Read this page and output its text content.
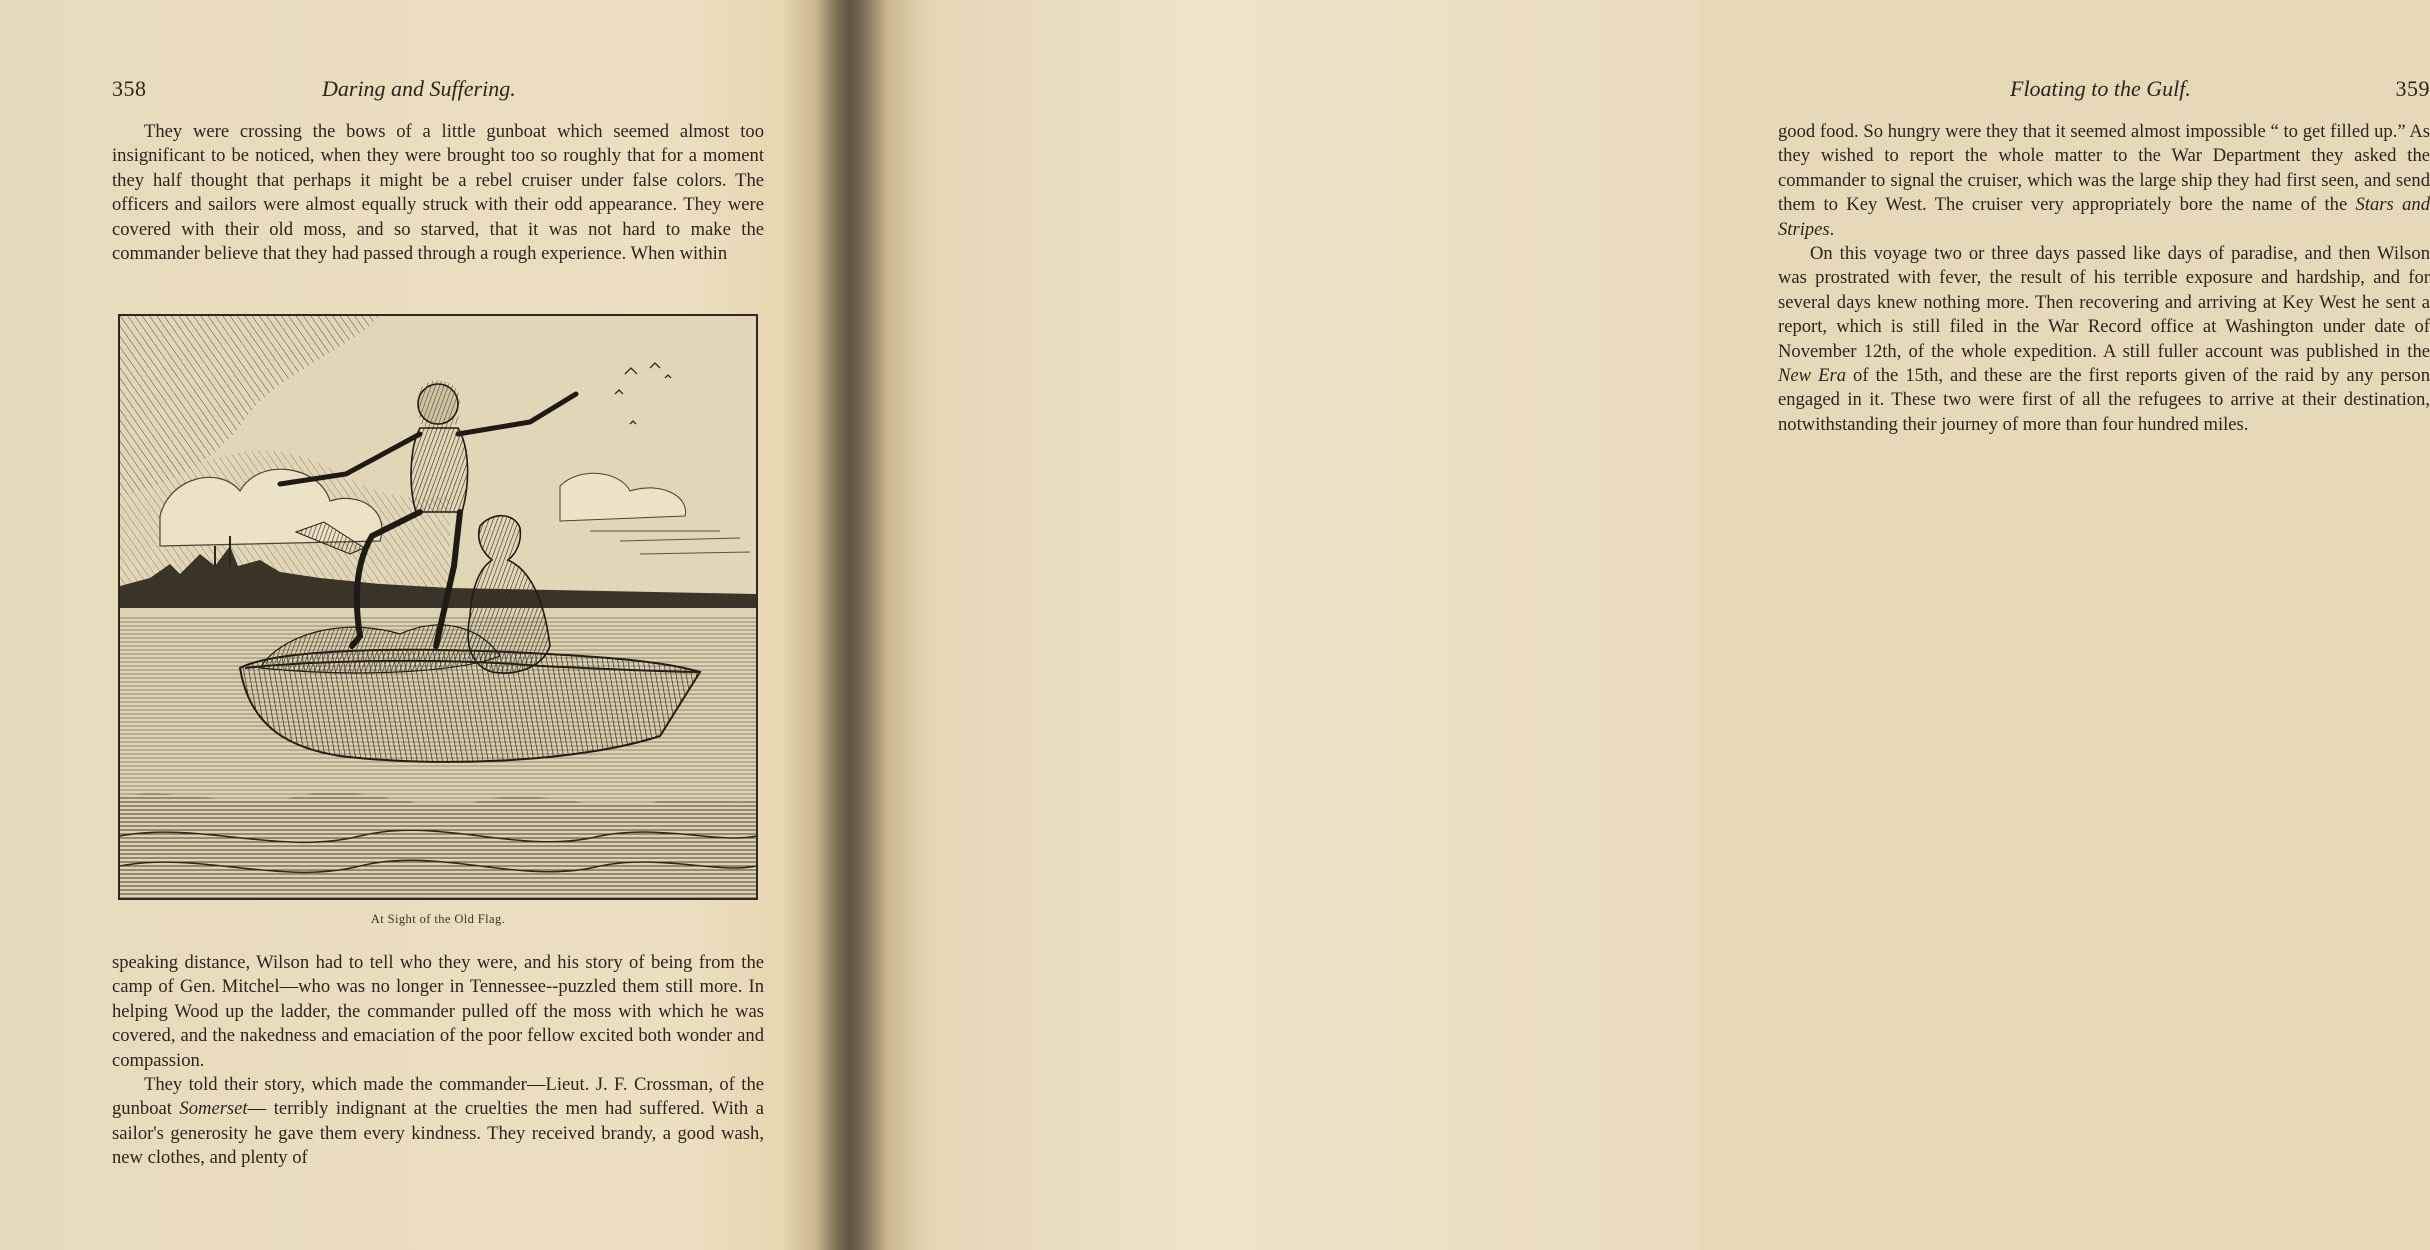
358	Daring and Suffering.

They were crossing the bows of a little gunboat which seemed almost too insignificant to be noticed, when they were brought too so roughly that for a moment they half thought that perhaps it might be a rebel cruiser under false colors. The officers and sailors were almost equally struck with their odd appearance. They were covered with their old moss, and so starved, that it was not hard to make the commander believe that they had passed through a rough experience. When within

At Sight of the Old Flag.

speaking distance, Wilson had to tell who they were, and his story of being from the camp of Gen. Mitchel—who was no longer in Tennessee--puzzled them still more. In helping Wood up the ladder, the commander pulled off the moss with which he was covered, and the nakedness and emaciation of the poor fellow excited both wonder and compassion.

They told their story, which made the commander—Lieut. J. F. Crossman, of the gunboat Somerset— terribly indignant at the cruelties the men had suffered. With a sailor's generosity he gave them every kindness. They received brandy, a good wash, new clothes, and plenty of

Floating to the Gulf.	359

good food. So hungry were they that it seemed almost impossible “ to get filled up.” As they wished to report the whole matter to the War Department they asked the commander to signal the cruiser, which was the large ship they had first seen, and send them to Key West. The cruiser very appropriately bore the name of the Stars and Stripes.

On this voyage two or three days passed like days of paradise, and then Wilson was prostrated with fever, the result of his terrible exposure and hardship, and for several days knew nothing more. Then recovering and arriving at Key West he sent a report, which is still filed in the War Record office at Washington under date of November 12th, of the whole expedition. A still fuller account was published in the New Era of the 15th, and these are the first reports given of the raid by any person engaged in it. These two were first of all the refugees to arrive at their destination, notwithstanding their journey of more than four hundred miles.
